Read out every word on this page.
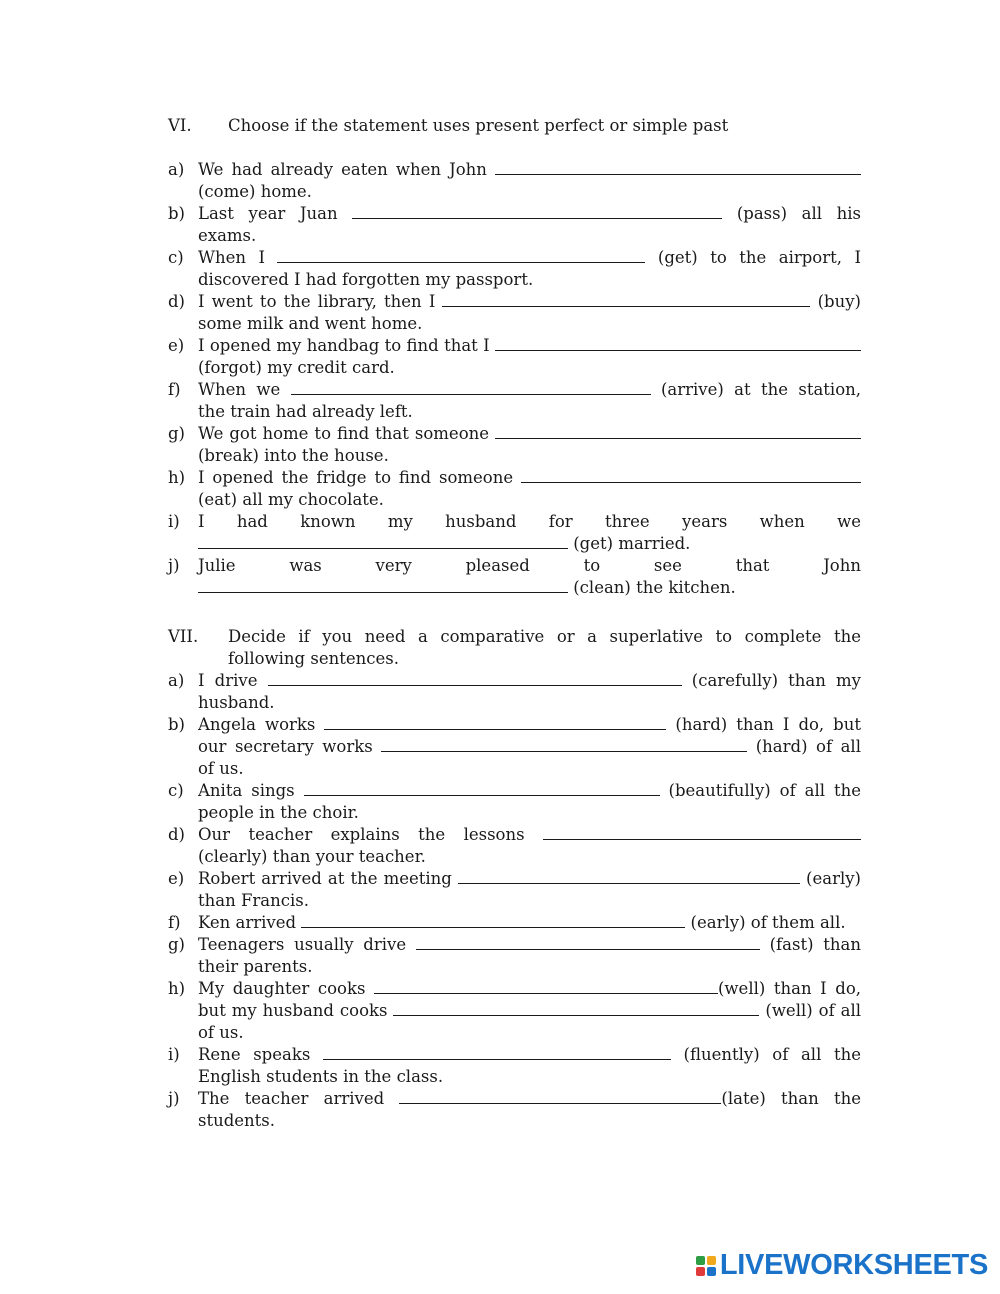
VI.	Choose if the statement uses present perfect or simple past
a) We had already eaten when John  (come) home.
b) Last year Juan	(pass) all his exams.
c) When I	(get) to the airport, I discovered I had forgotten my passport.
d) I went to the library, then I	(buy) some milk and went home.
e) I opened my handbag to find that I  (forgot) my credit card.
f)	When we	(arrive) at the station, the train had already left.
g) We got home to find that someone  (break) into the house.
h) I opened the fridge to find someone  (eat) all my chocolate.
i)	I had known my husband for three years when we  (get) married.
j)	Julie was very pleased to see that John  (clean) the kitchen.
VII.	Decide if you need a comparative or a superlative to complete the following sentences.
a) I drive	(carefully) than my husband.
b) Angela works	(hard) than I do, but our secretary works	(hard) of all of us.
c) Anita sings	(beautifully) of all the people in the choir.
d) Our teacher explains the lessons  (clearly) than your teacher.
e) Robert arrived at the meeting	(early) than Francis.
f)	Ken arrived	(early) of them all.
g) Teenagers usually drive	(fast) than their parents.
h) My daughter cooks	(well) than I do, but my husband cooks	(well) of all of us.
i)	Rene speaks	(fluently) of all the English students in the class.
j)	The teacher arrived	(late) than the students.
LIVEWORKSHEETS
